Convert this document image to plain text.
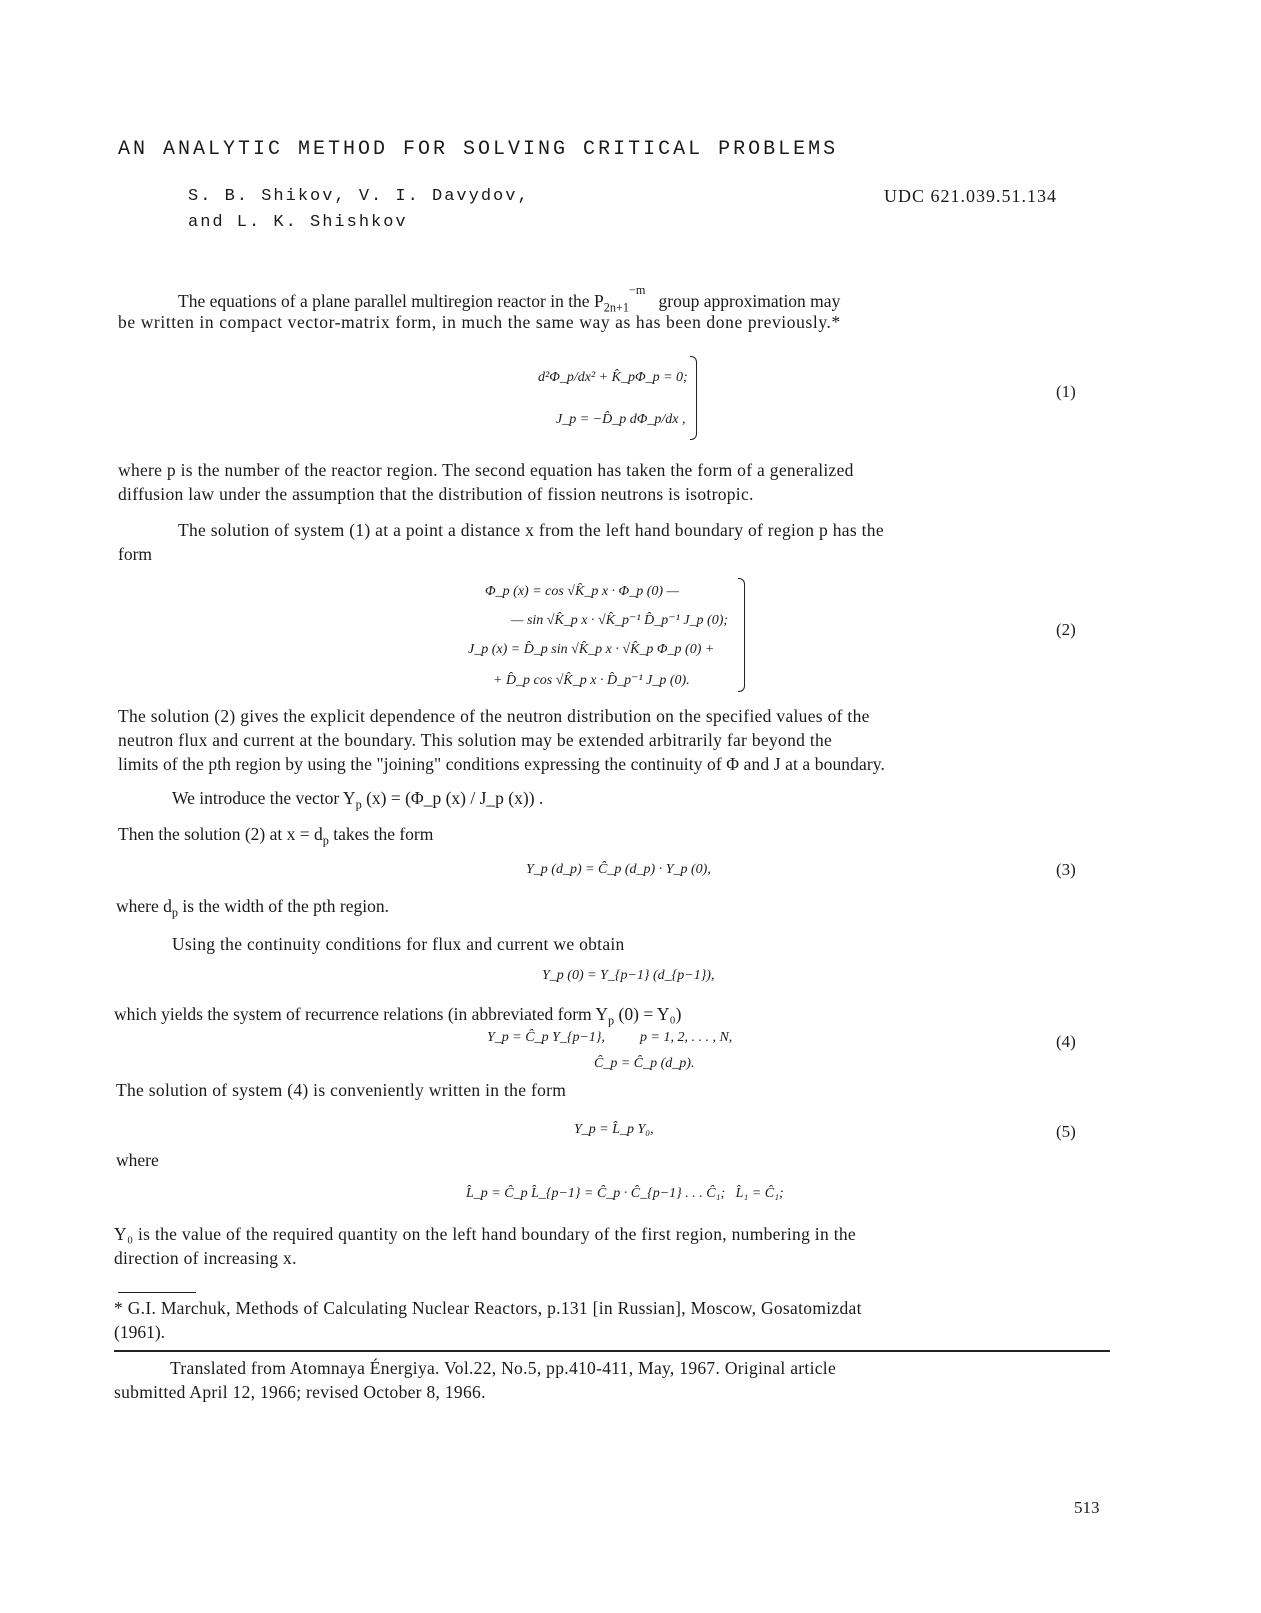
AN ANALYTIC METHOD FOR SOLVING CRITICAL PROBLEMS
S. B. Shikov, V. I. Davydov,
and L. K. Shishkov
UDC 621.039.51.134
The equations of a plane parallel multiregion reactor in the $P_{2n+1}^{-m}$   group approximation may
be written in compact vector-matrix form, in much the same way as has been done previously.*
d²Φ_p/dx² + K̂_pΦ_p = 0;
J_p = −D̂_p dΦ_p/dx ,
(1)
where p is the number of the reactor region. The second equation has taken the form of a generalized
diffusion law under the assumption that the distribution of fission neutrons is isotropic.
The solution of system (1) at a point a distance x from the left hand boundary of region p has the
form
Φ_p (x) = cos √K̂_p x · Φ_p (0) —
— sin √K̂_p x · √K̂_p⁻¹ D̂_p⁻¹ J_p (0);
J_p (x) = D̂_p sin √K̂_p x · √K̂_p Φ_p (0) +
+ D̂_p cos √K̂_p x · D̂_p⁻¹ J_p (0).
(2)
The solution (2) gives the explicit dependence of the neutron distribution on the specified values of the
neutron flux and current at the boundary. This solution may be extended arbitrarily far beyond the
limits of the pth region by using the "joining" conditions expressing the continuity of Φ and J at a boundary.
We introduce the vector $Y_p$ (x) = (Φ_p (x) / J_p (x)) .
Then the solution (2) at $x = d_p$ takes the form
Y_p (d_p) = Ĉ_p (d_p) · Y_p (0),	(3)
where $d_p$ is the width of the pth region.
Using the continuity conditions for flux and current we obtain
Y_p (0) = Y_{p−1} (d_{p−1}),
which yields the system of recurrence relations (in abbreviated form $Y_p$ (0) = Y₀)
Y_p = Ĉ_p Y_{p−1},          p = 1, 2, . . . , N,
Ĉ_p = Ĉ_p (d_p).
(4)
The solution of system (4) is conveniently written in the form
Y_p = L̂_p Y₀,	(5)
where
L̂_p = Ĉ_p L̂_{p−1} = Ĉ_p · Ĉ_{p−1} . . . Ĉ₁;   L̂₁ = Ĉ₁;
Y₀ is the value of the required quantity on the left hand boundary of the first region, numbering in the
direction of increasing x.
* G.I. Marchuk, Methods of Calculating Nuclear Reactors, p.131 [in Russian], Moscow, Gosatomizdat
(1961).
Translated from Atomnaya Énergiya. Vol.22, No.5, pp.410-411, May, 1967. Original article
submitted April 12, 1966; revised October 8, 1966.
513
